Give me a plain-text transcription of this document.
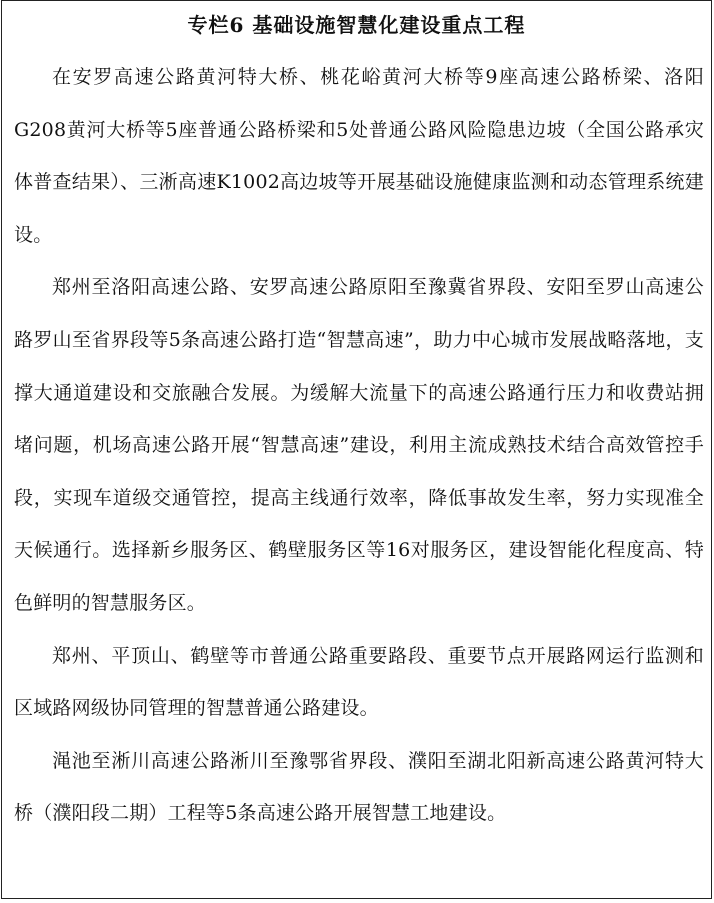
专栏6 基础设施智慧化建设重点工程

在安罗高速公路黄河特大桥、桃花峪黄河大桥等9座高速公路桥梁、洛阳G208黄河大桥等5座普通公路桥梁和5处普通公路风险隐患边坡（全国公路承灾体普查结果）、三淅高速K1002高边坡等开展基础设施健康监测和动态管理系统建设。

郑州至洛阳高速公路、安罗高速公路原阳至豫冀省界段、安阳至罗山高速公路罗山至省界段等5条高速公路打造“智慧高速”，助力中心城市发展战略落地，支撑大通道建设和交旅融合发展。为缓解大流量下的高速公路通行压力和收费站拥堵问题，机场高速公路开展“智慧高速”建设，利用主流成熟技术结合高效管控手段，实现车道级交通管控，提高主线通行效率，降低事故发生率，努力实现准全天候通行。选择新乡服务区、鹤壁服务区等16对服务区，建设智能化程度高、特色鲜明的智慧服务区。

郑州、平顶山、鹤壁等市普通公路重要路段、重要节点开展路网运行监测和区域路网级协同管理的智慧普通公路建设。

渑池至淅川高速公路淅川至豫鄂省界段、濮阳至湖北阳新高速公路黄河特大桥（濮阳段二期）工程等5条高速公路开展智慧工地建设。
